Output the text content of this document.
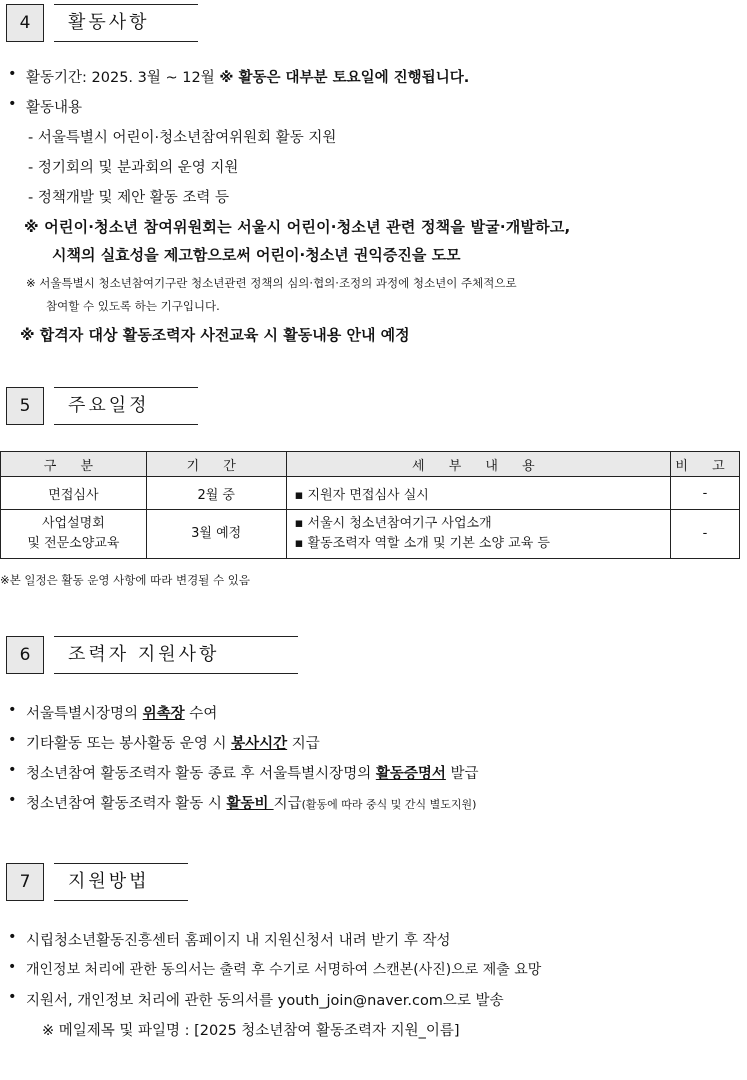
4	활동사항
• 활동기간: 2025. 3월 ~ 12월 ※ 활동은 대부분 토요일에 진행됩니다.
• 활동내용
- 서울특별시 어린이·청소년참여위원회 활동 지원
- 정기회의 및 분과회의 운영 지원
- 정책개발 및 제안 활동 조력 등
※ 어린이·청소년 참여위원회는 서울시 어린이·청소년 관련 정책을 발굴·개발하고,
시책의 실효성을 제고함으로써 어린이·청소년 권익증진을 도모
※ 서울특별시 청소년참여기구란 청소년관련 정책의 심의·협의·조정의 과정에 청소년이 주체적으로
참여할 수 있도록 하는 기구입니다.
※ 합격자 대상 활동조력자 사전교육 시 활동내용 안내 예정
5	주요일정
구 분	기 간	세 부 내 용	비 고
면접심사	2월 중	▪ 지원자 면접심사 실시	-
사업설명회
및 전문소양교육	3월 예정	▪ 서울시 청소년참여기구 사업소개
▪ 활동조력자 역할 소개 및 기본 소양 교육 등	-
※본 일정은 활동 운영 사항에 따라 변경될 수 있음
6	조력자 지원사항
• 서울특별시장명의 위촉장 수여
• 기타활동 또는 봉사활동 운영 시 봉사시간 지급
• 청소년참여 활동조력자 활동 종료 후 서울특별시장명의 활동증명서 발급
• 청소년참여 활동조력자 활동 시 활동비 지급(활동에 따라 중식 및 간식 별도지원)
7	지원방법
• 시립청소년활동진흥센터 홈페이지 내 지원신청서 내려 받기 후 작성
• 개인정보 처리에 관한 동의서는 출력 후 수기로 서명하여 스캔본(사진)으로 제출 요망
• 지원서, 개인정보 처리에 관한 동의서를 youth_join@naver.com으로 발송
※ 메일제목 및 파일명 : [2025 청소년참여 활동조력자 지원_이름]
